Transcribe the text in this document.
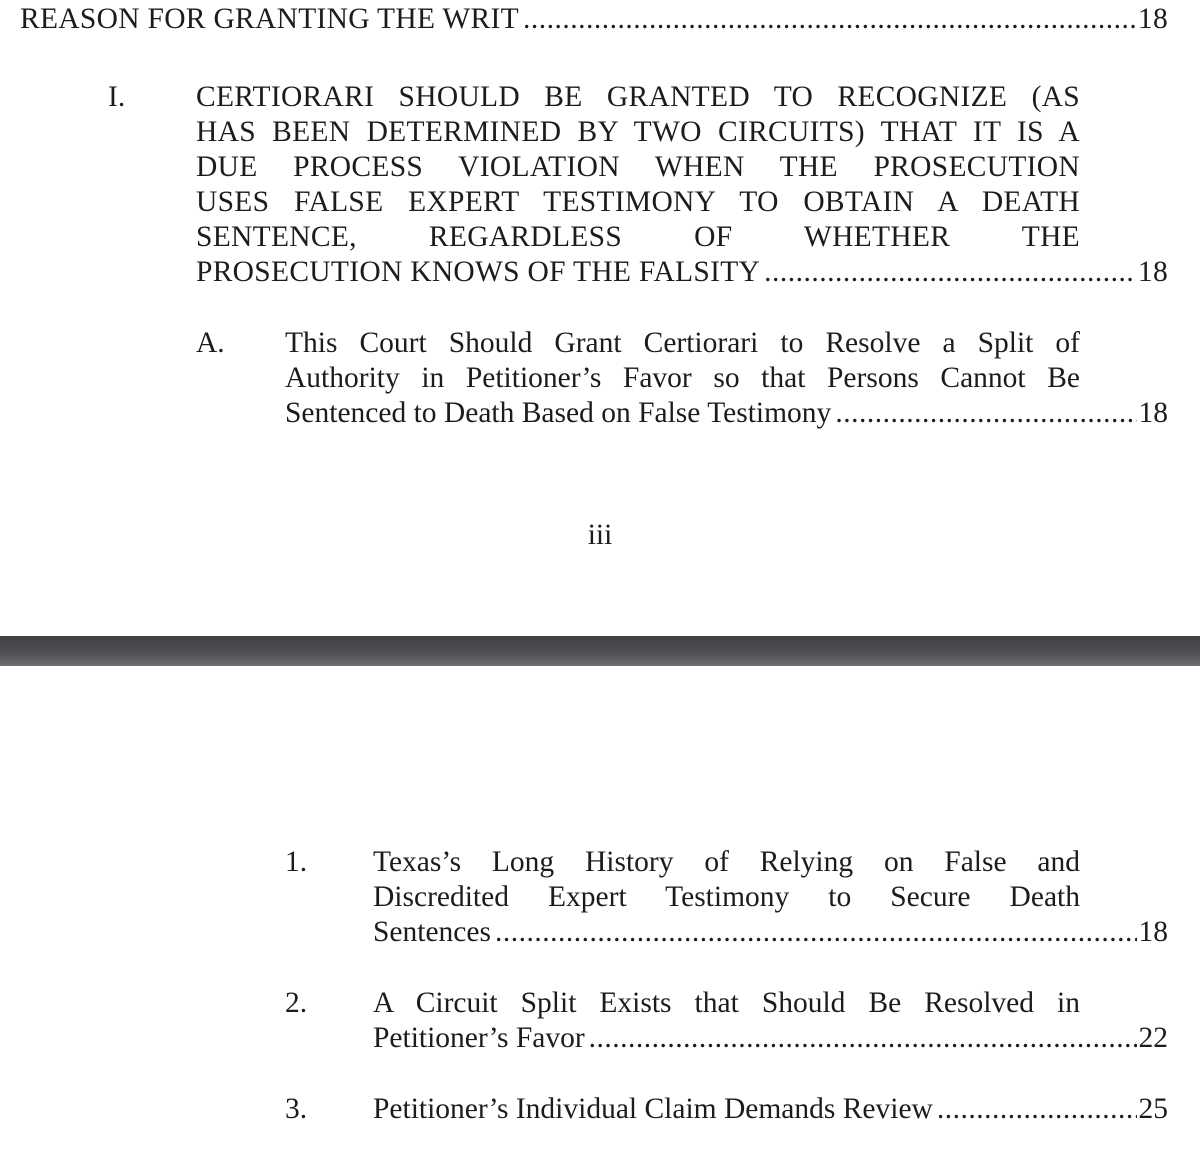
REASON FOR GRANTING THE WRIT .....	18
I. CERTIORARI SHOULD BE GRANTED TO RECOGNIZE (AS
HAS BEEN DETERMINED BY TWO CIRCUITS) THAT IT IS A
DUE PROCESS VIOLATION WHEN THE PROSECUTION
USES FALSE EXPERT TESTIMONY TO OBTAIN A DEATH
SENTENCE, REGARDLESS OF WHETHER THE
PROSECUTION KNOWS OF THE FALSITY .....	18
A. This Court Should Grant Certiorari to Resolve a Split of
Authority in Petitioner’s Favor so that Persons Cannot Be
Sentenced to Death Based on False Testimony .....	18
iii
1. Texas’s Long History of Relying on False and
Discredited Expert Testimony to Secure Death
Sentences .....	18
2. A Circuit Split Exists that Should Be Resolved in
Petitioner’s Favor .....	22
3. Petitioner’s Individual Claim Demands Review .....	25
